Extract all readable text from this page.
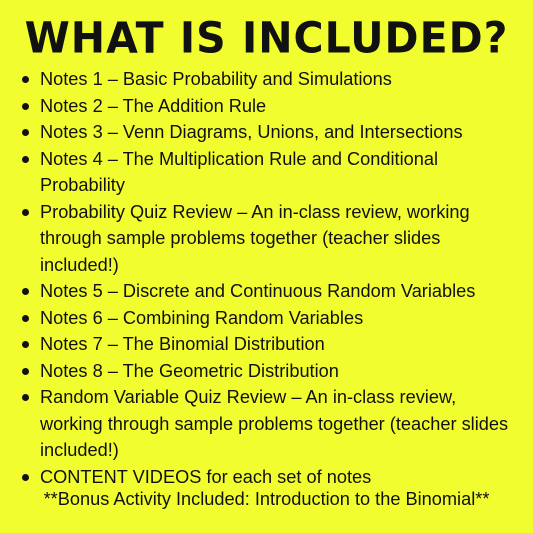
WHAT IS INCLUDED?
Notes 1 – Basic Probability and Simulations
Notes 2 – The Addition Rule
Notes 3 – Venn Diagrams, Unions, and Intersections
Notes 4 – The Multiplication Rule and Conditional Probability
Probability Quiz Review – An in-class review, working through sample problems together (teacher slides included!)
Notes 5 – Discrete and Continuous Random Variables
Notes 6 – Combining Random Variables
Notes 7 – The Binomial Distribution
Notes 8 – The Geometric Distribution
Random Variable Quiz Review – An in-class review, working through sample problems together (teacher slides included!)
CONTENT VIDEOS for each set of notes
**Bonus Activity Included: Introduction to the Binomial**
